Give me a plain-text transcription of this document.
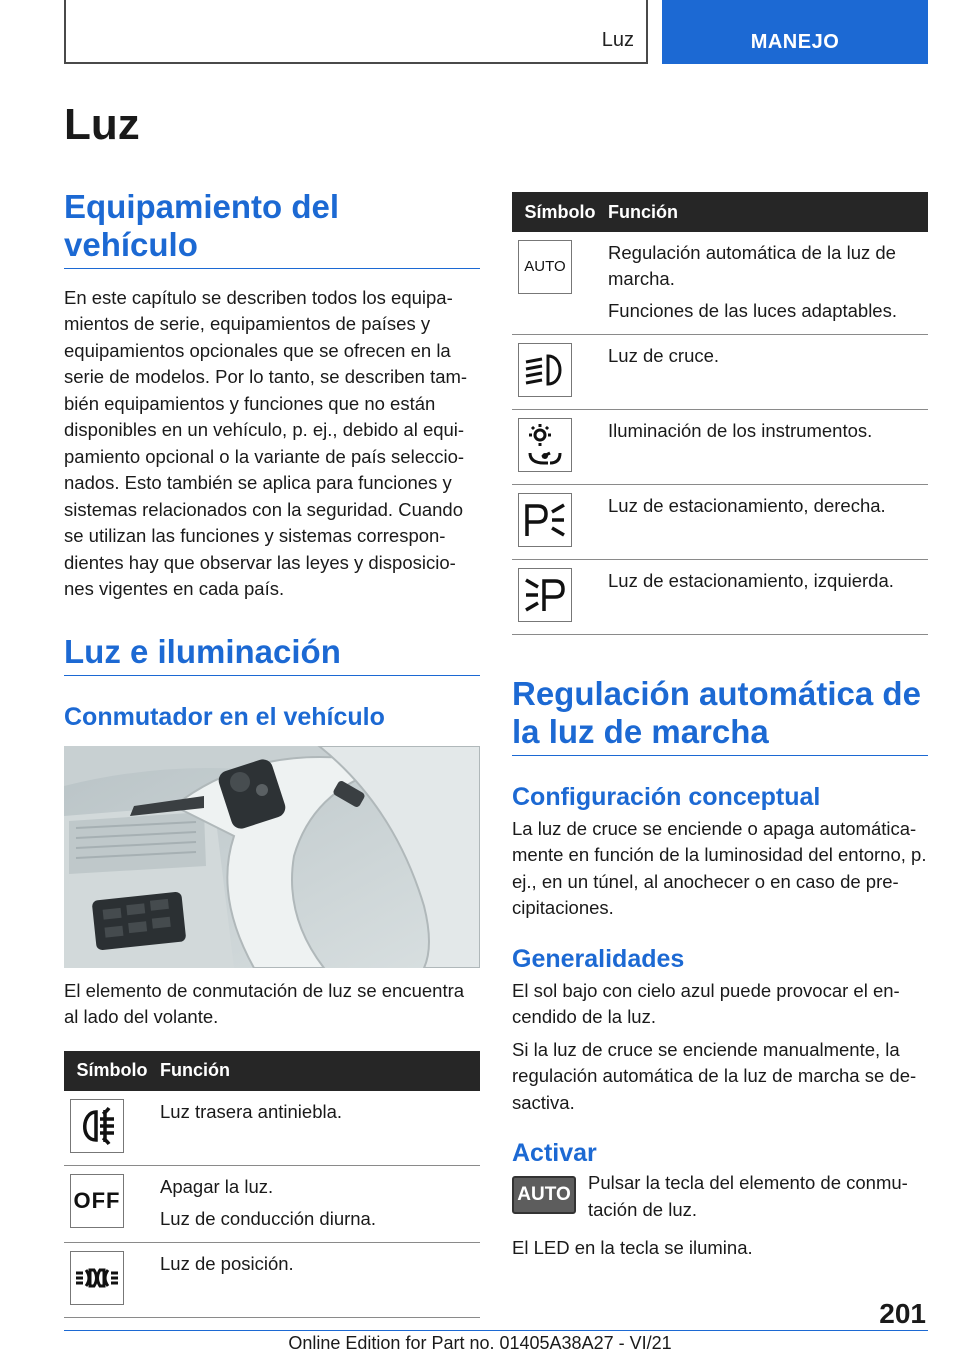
Luz	MANEJO
Luz
Equipamiento del vehículo

En este capítulo se describen todos los equipa-mientos de serie, equipamientos de países y equipamientos opcionales que se ofrecen en la serie de modelos. Por lo tanto, se describen tam-bién equipamientos y funciones que no están disponibles en un vehículo, p. ej., debido al equi-pamiento opcional o la variante de país seleccio-nados. Esto también se aplica para funciones y sistemas relacionados con la seguridad. Cuando se utilizan las funciones y sistemas correspon-dientes hay que observar las leyes y disposicio-nes vigentes en cada país.

Luz e iluminación
Conmutador en el vehículo

El elemento de conmutación de luz se encuentra al lado del volante.

Símbolo	Función

Luz trasera antiniebla.

OFF	Apagar la luz.
Luz de conducción diurna.

Luz de posición.
Símbolo	Función

AUTO	Regulación automática de la luz de marcha.
Funciones de las luces adaptables.

Luz de cruce.

Iluminación de los instrumentos.

Luz de estacionamiento, derecha.

Luz de estacionamiento, izquierda.
Regulación automática de la luz de marcha
Configuración conceptual

La luz de cruce se enciende o apaga automática-mente en función de la luminosidad del entorno, p. ej., en un túnel, al anochecer o en caso de pre-cipitaciones.

Generalidades

El sol bajo con cielo azul puede provocar el en-cendido de la luz.

Si la luz de cruce se enciende manualmente, la regulación automática de la luz de marcha se de-sactiva.

Activar
AUTO

Pulsar la tecla del elemento de conmu-tación de luz.

El LED en la tecla se ilumina.

201
Online Edition for Part no. 01405A38A27 - VI/21
